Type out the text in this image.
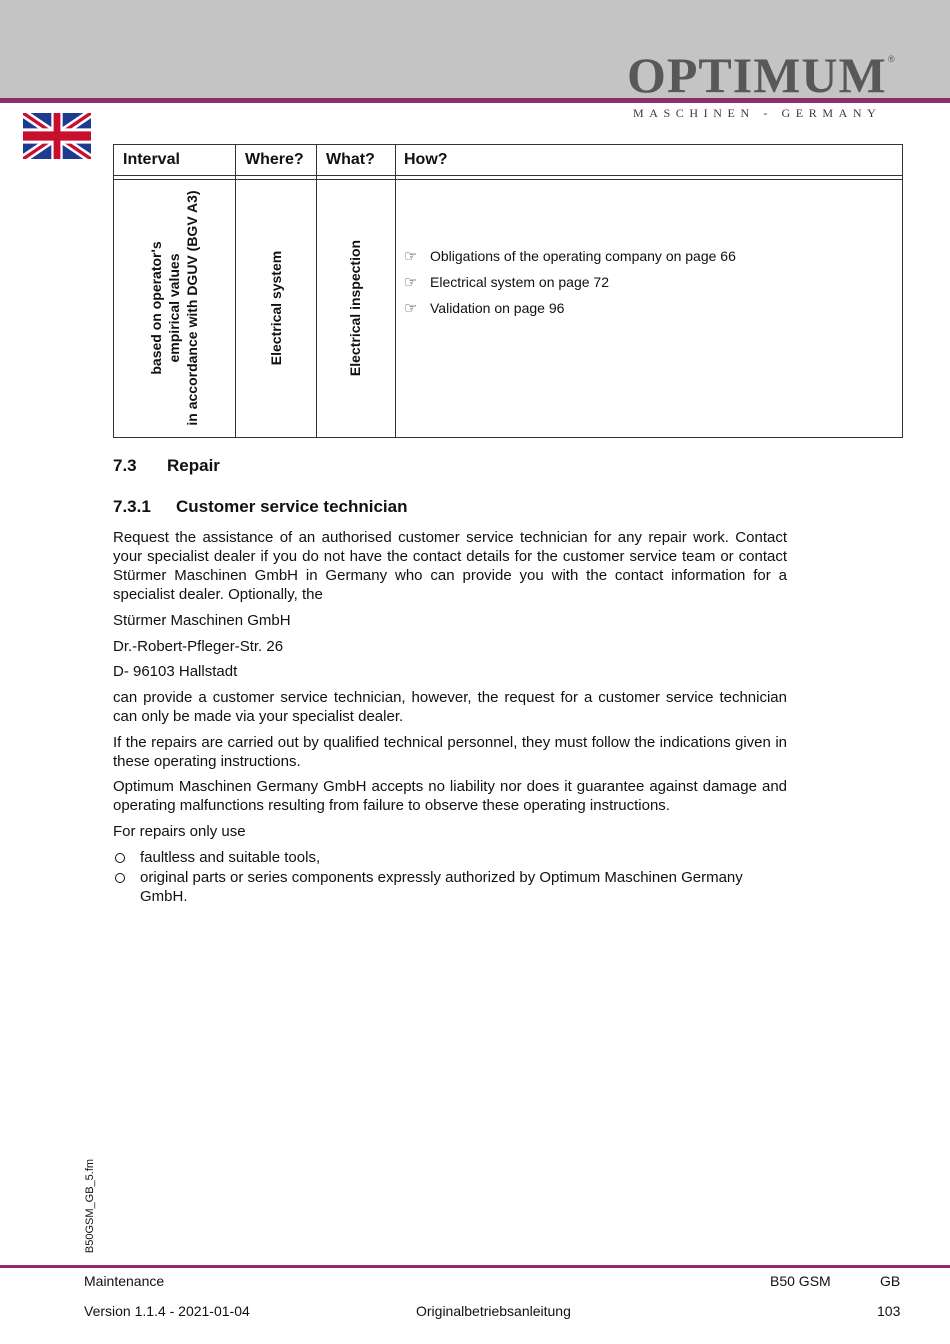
OPTIMUM ®
MASCHINEN - GERMANY
Interval	Where? What? How?
based on operator's empirical values in accordance with DGUV (BGV A3)	Electrical system	Electrical inspection	☞ Obligations of the operating company on page 66
☞ Electrical system on page 72
☞ Validation on page 96
7.3 Repair
7.3.1 Customer service technician

Request the assistance of an authorised customer service technician for any repair work. Contact your specialist dealer if you do not have the contact details for the customer service team or contact Stürmer Maschinen GmbH in Germany who can provide you with the contact information for a specialist dealer. Optionally, the

Stürmer Maschinen GmbH

Dr.-Robert-Pfleger-Str. 26

D- 96103 Hallstadt

can provide a customer service technician, however, the request for a customer service technician can only be made via your specialist dealer.

If the repairs are carried out by qualified technical personnel, they must follow the indications given in these operating instructions.

Optimum Maschinen Germany GmbH accepts no liability nor does it guarantee against damage and operating malfunctions resulting from failure to observe these operating instructions.

For repairs only use

faultless and suitable tools,
original parts or series components expressly authorized by Optimum Maschinen Germany GmbH.
B50GSM_GB_5.fm
Maintenance	B50 GSM	GB
Version 1.1.4 - 2021-01-04	Originalbetriebsanleitung	103
